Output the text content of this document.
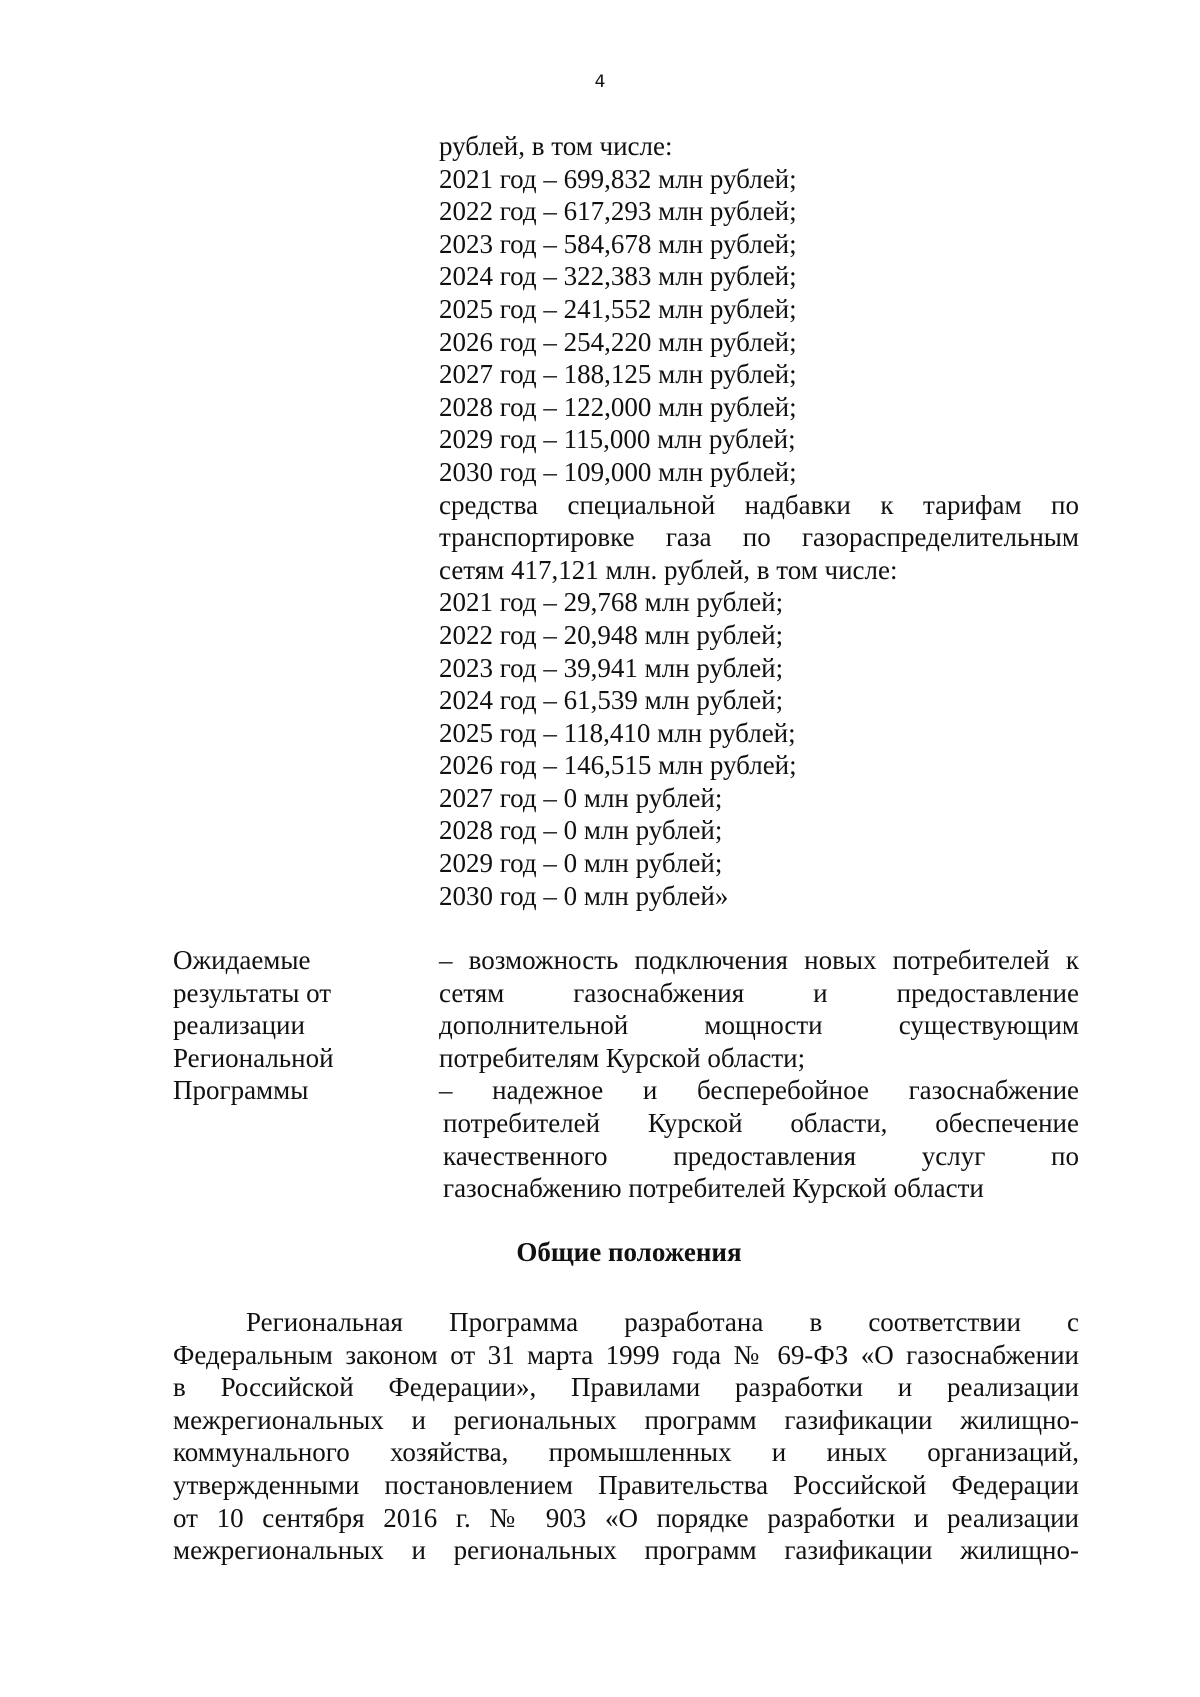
4
рублей, в том числе:
2021 год – 699,832 млн рублей;
2022 год – 617,293 млн рублей;
2023 год – 584,678 млн рублей;
2024 год – 322,383 млн рублей;
2025 год – 241,552 млн рублей;
2026 год – 254,220 млн рублей;
2027 год – 188,125 млн рублей;
2028 год – 122,000 млн рублей;
2029 год – 115,000 млн рублей;
2030 год – 109,000 млн рублей;
средства специальной надбавки к тарифам по
транспортировке газа по газораспределительным
сетям 417,121 млн. рублей, в том числе:
2021 год – 29,768 млн рублей;
2022 год – 20,948 млн рублей;
2023 год – 39,941 млн рублей;
2024 год – 61,539 млн рублей;
2025 год – 118,410 млн рублей;
2026 год – 146,515 млн рублей;
2027 год – 0 млн рублей;
2028 год – 0 млн рублей;
2029 год – 0 млн рублей;
2030 год – 0 млн рублей»
Ожидаемые
результаты от
реализации
Региональной
Программы
– возможность подключения новых потребителей к
сетям газоснабжения и предоставление
дополнительной мощности существующим
потребителям Курской области;
– надежное и бесперебойное газоснабжение
потребителей Курской области, обеспечение
качественного предоставления услуг по
газоснабжению потребителей Курской области
Общие положения
Региональная Программа разработана в соответствии с
Федеральным законом от 31 марта 1999 года № 69-ФЗ «О газоснабжении
в Российской Федерации», Правилами разработки и реализации
межрегиональных и региональных программ газификации жилищно-
коммунального хозяйства, промышленных и иных организаций,
утвержденными постановлением Правительства Российской Федерации
от 10 сентября 2016 г. № 903 «О порядке разработки и реализации
межрегиональных и региональных программ газификации жилищно-
